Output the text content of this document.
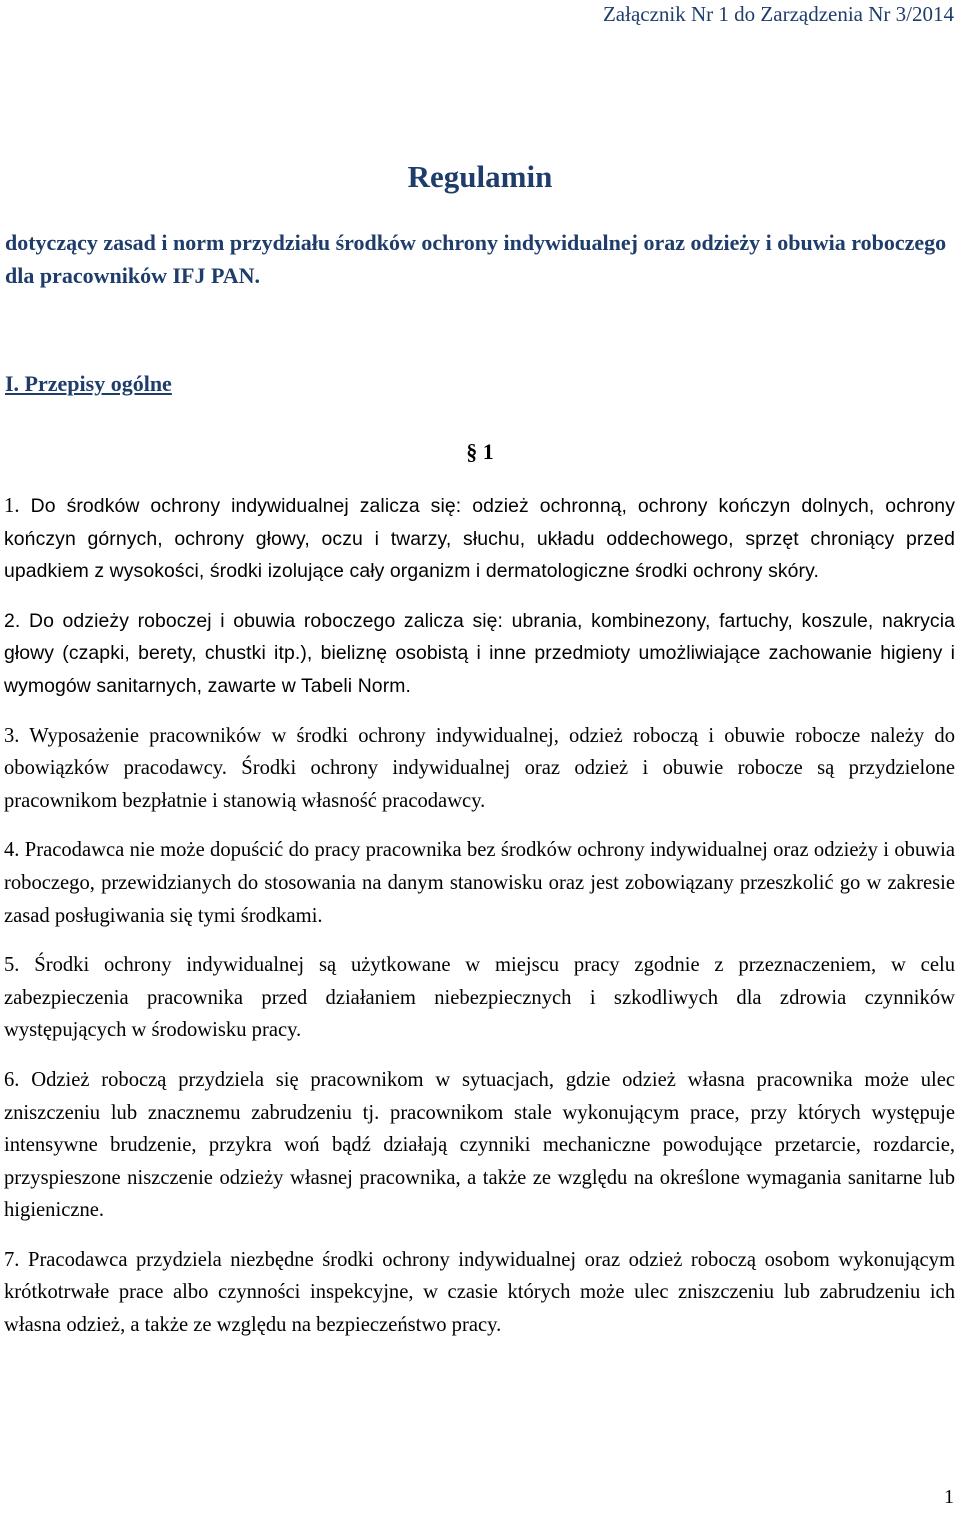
Załącznik Nr 1 do Zarządzenia Nr 3/2014
Regulamin

dotyczący zasad i norm przydziału środków ochrony indywidualnej oraz odzieży i obuwia roboczego dla pracowników IFJ PAN.

I. Przepisy ogólne
§ 1

1. Do środków ochrony indywidualnej zalicza się: odzież ochronną, ochrony kończyn dolnych, ochrony kończyn górnych, ochrony głowy, oczu i twarzy, słuchu, układu oddechowego, sprzęt chroniący przed upadkiem z wysokości, środki izolujące cały organizm i dermatologiczne środki ochrony skóry.

2. Do odzieży roboczej i obuwia roboczego zalicza się: ubrania, kombinezony, fartuchy, koszule, nakrycia głowy (czapki, berety, chustki itp.), bieliznę osobistą i inne przedmioty umożliwiające zachowanie higieny i wymogów sanitarnych, zawarte w Tabeli Norm.

3. Wyposażenie pracowników w środki ochrony indywidualnej, odzież roboczą i obuwie robocze należy do obowiązków pracodawcy. Środki ochrony indywidualnej oraz odzież i obuwie robocze są przydzielone pracownikom bezpłatnie i stanowią własność pracodawcy.

4. Pracodawca nie może dopuścić do pracy pracownika bez środków ochrony indywidualnej oraz odzieży i obuwia roboczego, przewidzianych do stosowania na danym stanowisku oraz jest zobowiązany przeszkolić go w zakresie zasad posługiwania się tymi środkami.

5. Środki ochrony indywidualnej są użytkowane w miejscu pracy zgodnie z przeznaczeniem, w celu zabezpieczenia pracownika przed działaniem niebezpiecznych i szkodliwych dla zdrowia czynników występujących w środowisku pracy.

6. Odzież roboczą przydziela się pracownikom w sytuacjach, gdzie odzież własna pracownika może ulec zniszczeniu lub znacznemu zabrudzeniu tj. pracownikom stale wykonującym prace, przy których występuje intensywne brudzenie, przykra woń bądź działają czynniki mechaniczne powodujące przetarcie, rozdarcie, przyspieszone niszczenie odzieży własnej pracownika, a także ze względu na określone wymagania sanitarne lub higieniczne.

7. Pracodawca przydziela niezbędne środki ochrony indywidualnej oraz odzież roboczą osobom wykonującym krótkotrwałe prace albo czynności inspekcyjne, w czasie których może ulec zniszczeniu lub zabrudzeniu ich własna odzież, a także ze względu na bezpieczeństwo pracy.

1
